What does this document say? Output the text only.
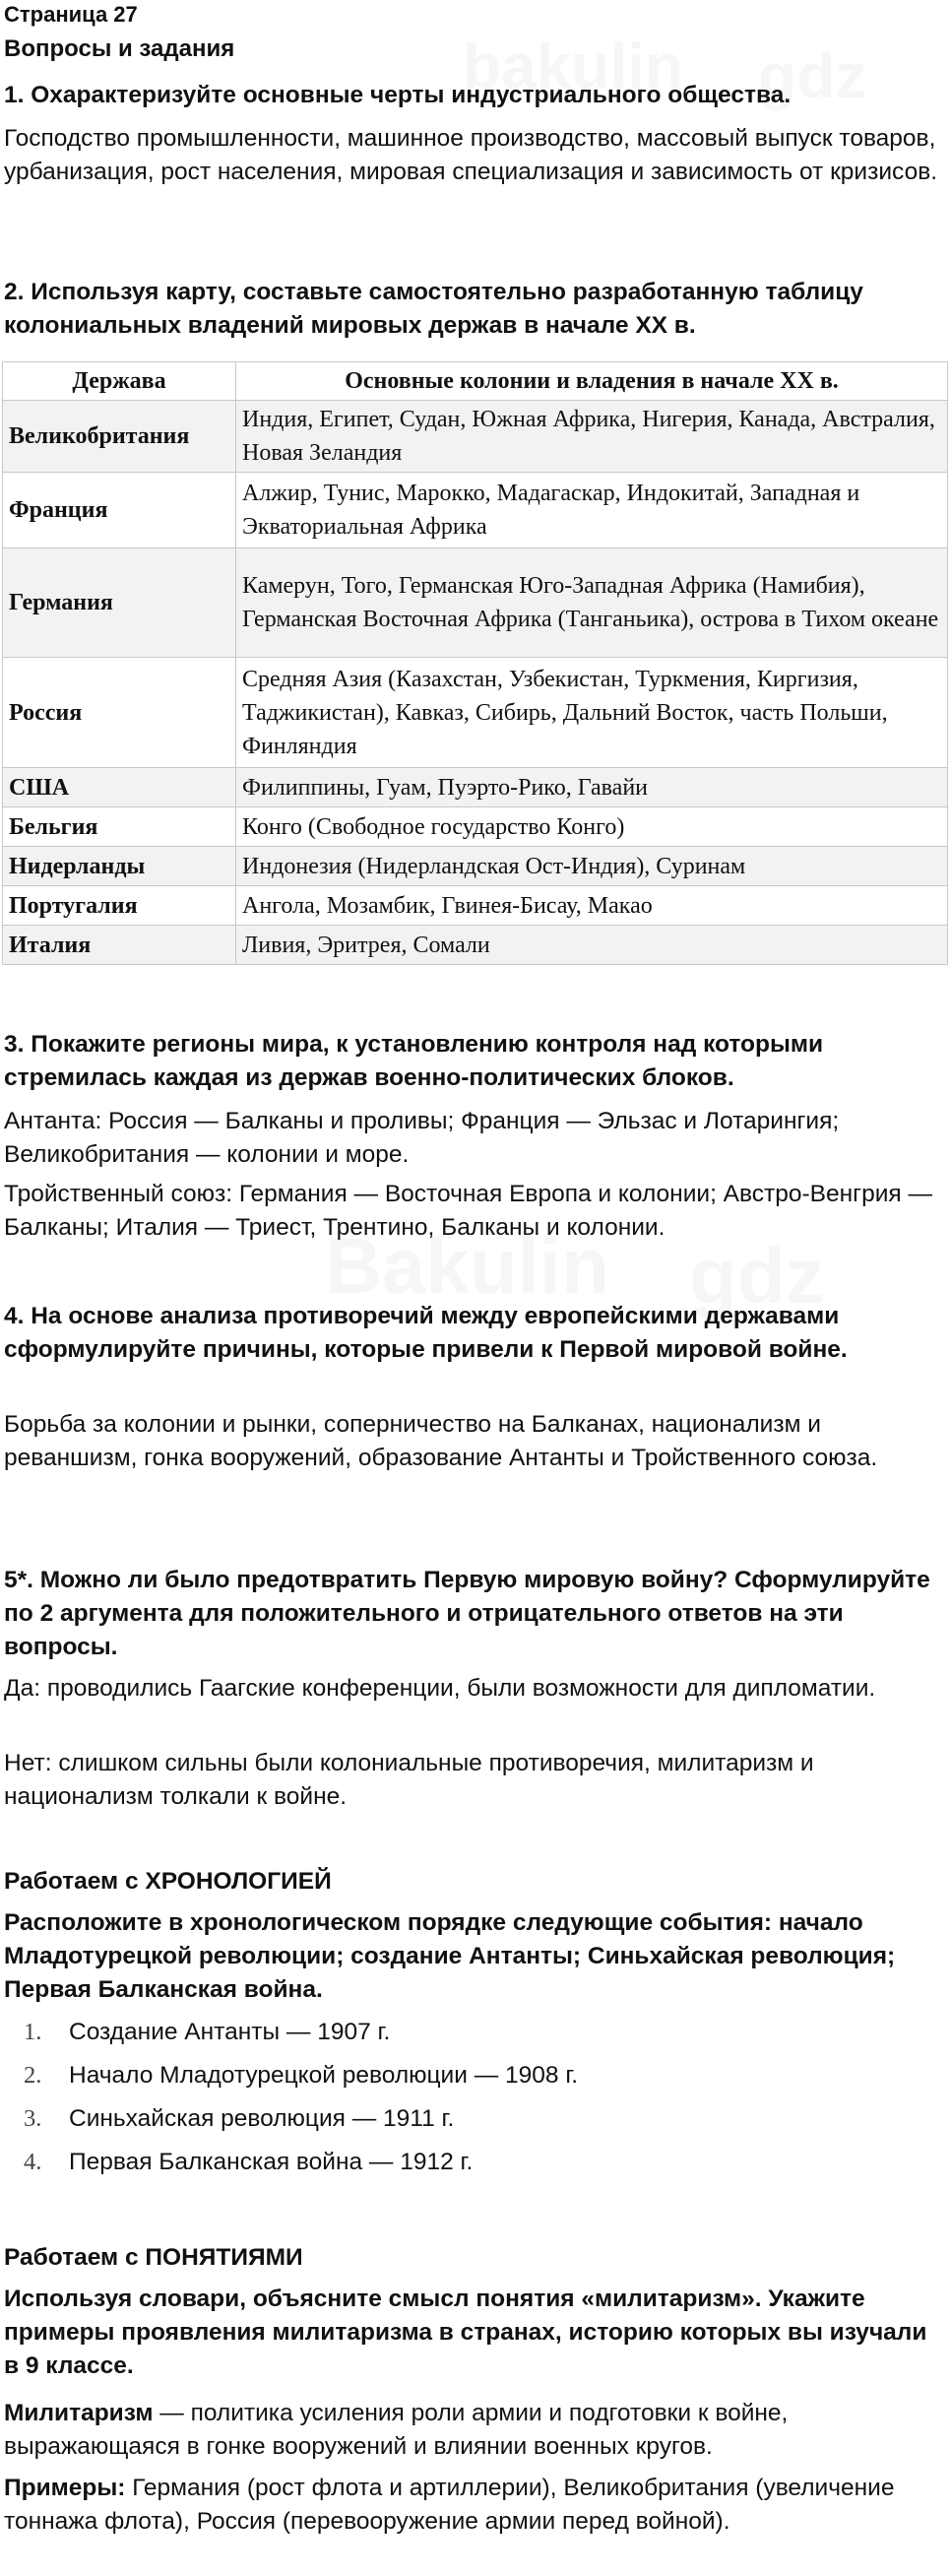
Страница 27
Вопросы и задания
1. Охарактеризуйте основные черты индустриального общества.
Господство промышленности, машинное производство, массовый выпуск товаров, урбанизация, рост населения, мировая специализация и зависимость от кризисов.
2. Используя карту, составьте самостоятельно разработанную таблицу колониальных владений мировых держав в начале XX в.
Держава	Основные колонии и владения в начале XX в.
Великобритания	Индия, Египет, Судан, Южная Африка, Нигерия, Канада, Австралия, Новая Зеландия
Франция	Алжир, Тунис, Марокко, Мадагаскар, Индокитай, Западная и Экваториальная Африка
Германия	Камерун, Того, Германская Юго-Западная Африка (Намибия), Германская Восточная Африка (Танганьика), острова в Тихом океане
Россия	Средняя Азия (Казахстан, Узбекистан, Туркмения, Киргизия, Таджикистан), Кавказ, Сибирь, Дальний Восток, часть Польши, Финляндия
США	Филиппины, Гуам, Пуэрто-Рико, Гавайи
Бельгия	Конго (Свободное государство Конго)
Нидерланды	Индонезия (Нидерландская Ост-Индия), Суринам
Португалия	Ангола, Мозамбик, Гвинея-Бисау, Макао
Италия	Ливия, Эритрея, Сомали
3. Покажите регионы мира, к установлению контроля над которыми стремилась каждая из держав военно-политических блоков.
Антанта: Россия — Балканы и проливы; Франция — Эльзас и Лотарингия; Великобритания — колонии и море.
Тройственный союз: Германия — Восточная Европа и колонии; Австро-Венгрия — Балканы; Италия — Триест, Трентино, Балканы и колонии.
4. На основе анализа противоречий между европейскими державами сформулируйте причины, которые привели к Первой мировой войне.
Борьба за колонии и рынки, соперничество на Балканах, национализм и реваншизм, гонка вооружений, образование Антанты и Тройственного союза.
5*. Можно ли было предотвратить Первую мировую войну? Сформулируйте по 2 аргумента для положительного и отрицательного ответов на эти вопросы.
Да: проводились Гаагские конференции, были возможности для дипломатии.
Нет: слишком сильны были колониальные противоречия, милитаризм и национализм толкали к войне.
Работаем с ХРОНОЛОГИЕЙ
Расположите в хронологическом порядке следующие события: начало Младотурецкой революции; создание Антанты; Синьхайская революция; Первая Балканская война.
1. Создание Антанты — 1907 г.
2. Начало Младотурецкой революции — 1908 г.
3. Синьхайская революция — 1911 г.
4. Первая Балканская война — 1912 г.
Работаем с ПОНЯТИЯМИ
Используя словари, объясните смысл понятия «милитаризм». Укажите примеры проявления милитаризма в странах, историю которых вы изучали в 9 классе.
Милитаризм — политика усиления роли армии и подготовки к войне, выражающаяся в гонке вооружений и влиянии военных кругов.
Примеры: Германия (рост флота и артиллерии), Великобритания (увеличение тоннажа флота), Россия (перевооружение армии перед войной).
